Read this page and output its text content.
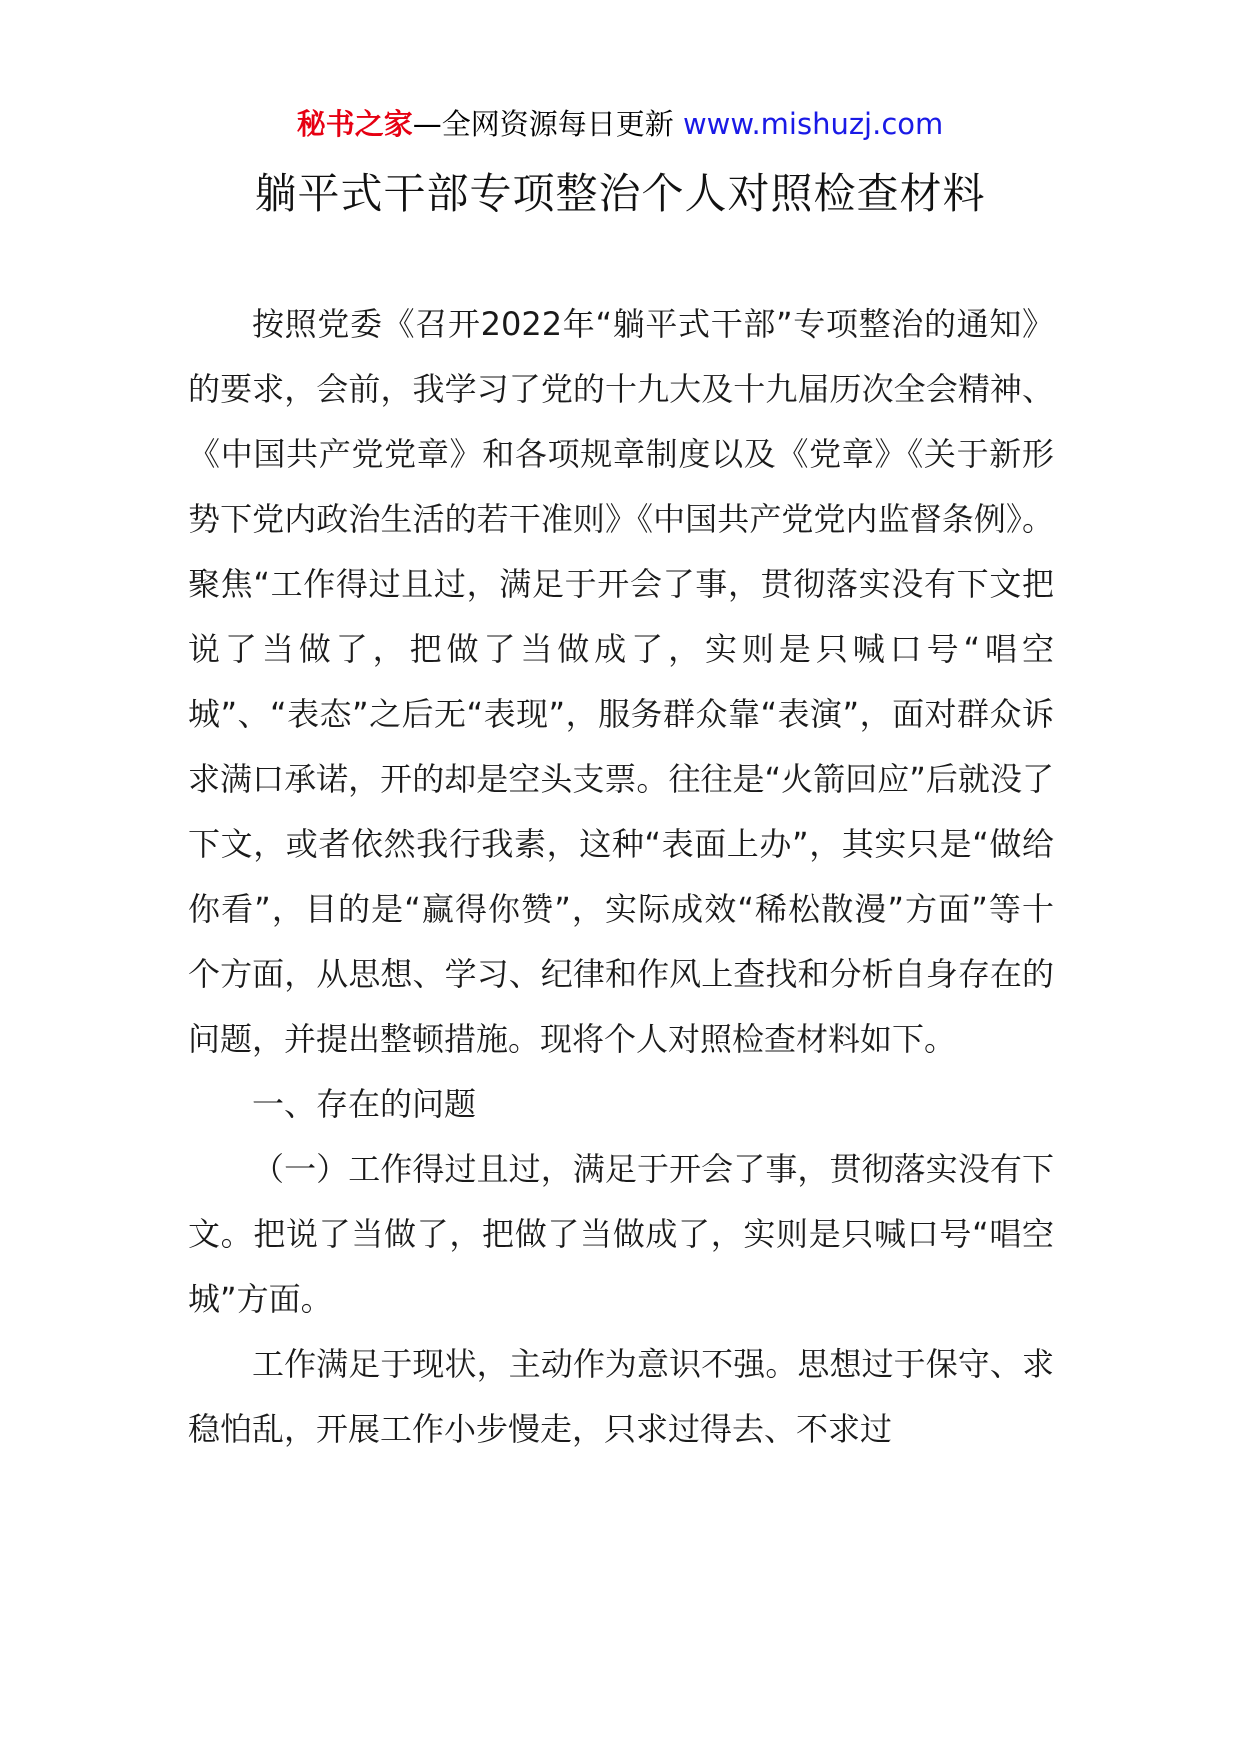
秘书之家—全网资源每日更新 www.mishuzj.com
躺平式干部专项整治个人对照检查材料

按照党委《召开2022年“躺平式干部”专项整治的通知》的要求，会前，我学习了党的十九大及十九届历次全会精神、《中国共产党党章》和各项规章制度以及《党章》《关于新形势下党内政治生活的若干准则》《中国共产党党内监督条例》。聚焦“工作得过且过，满足于开会了事，贯彻落实没有下文把说了当做了，把做了当做成了，实则是只喊口号“唱空城”、“表态”之后无“表现”，服务群众靠“表演”，面对群众诉求满口承诺，开的却是空头支票。往往是“火箭回应”后就没了下文，或者依然我行我素，这种“表面上办”，其实只是“做给你看”，目的是“赢得你赞”，实际成效“稀松散漫”方面”等十个方面，从思想、学习、纪律和作风上查找和分析自身存在的问题，并提出整顿措施。现将个人对照检查材料如下。

一、存在的问题

（一）工作得过且过，满足于开会了事，贯彻落实没有下文。把说了当做了，把做了当做成了，实则是只喊口号“唱空城”方面。

工作满足于现状，主动作为意识不强。思想过于保守、求稳怕乱，开展工作小步慢走，只求过得去、不求过
